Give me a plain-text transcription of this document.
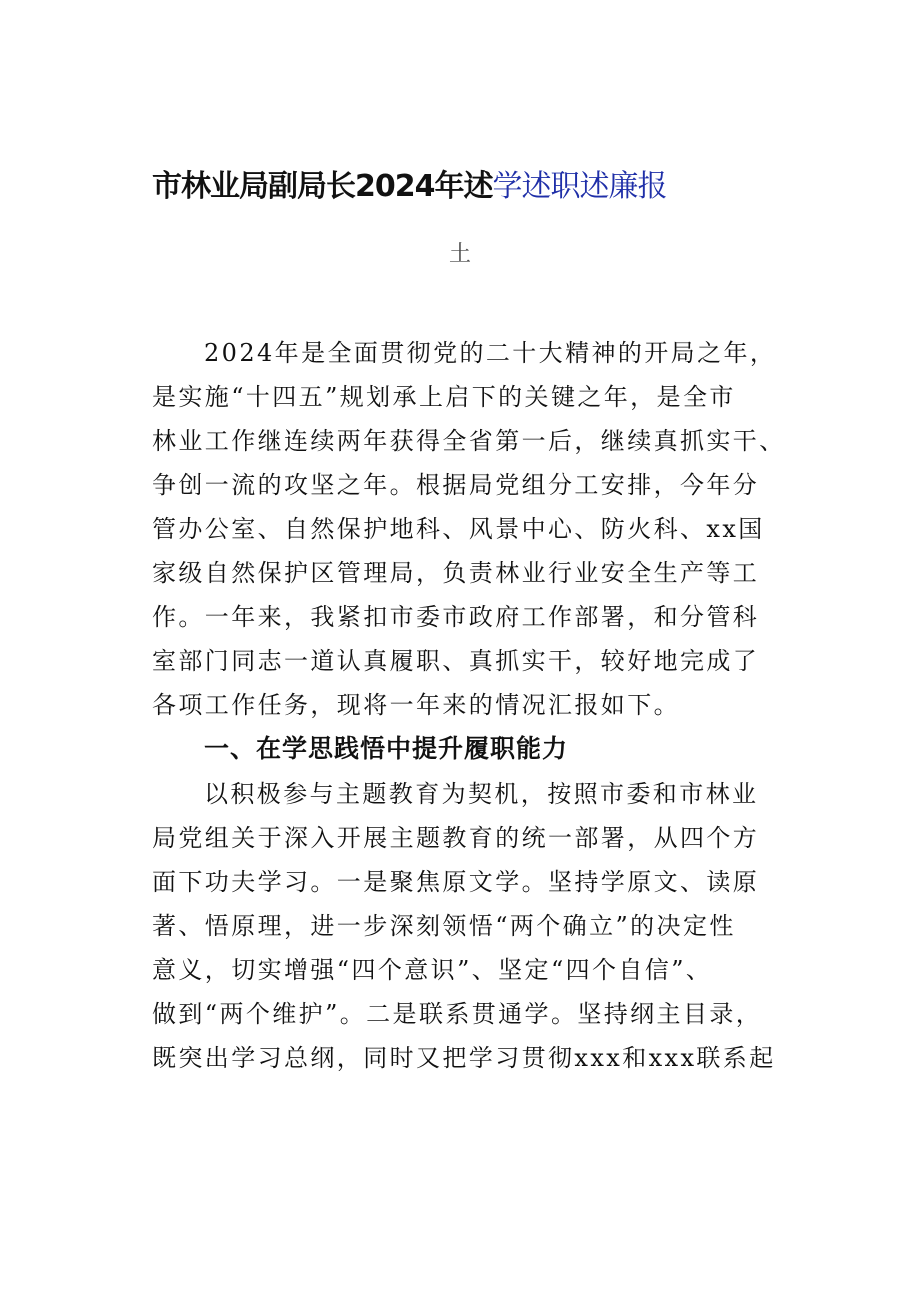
市林业局副局长2024年述学述职述廉报
土
2024年是全面贯彻党的二十大精神的开局之年，
是实施“十四五”规划承上启下的关键之年，是全市
林业工作继连续两年获得全省第一后，继续真抓实干、
争创一流的攻坚之年。根据局党组分工安排，今年分
管办公室、自然保护地科、风景中心、防火科、xx国
家级自然保护区管理局，负责林业行业安全生产等工
作。一年来，我紧扣市委市政府工作部署，和分管科
室部门同志一道认真履职、真抓实干，较好地完成了
各项工作任务，现将一年来的情况汇报如下。
一、在学思践悟中提升履职能力
以积极参与主题教育为契机，按照市委和市林业
局党组关于深入开展主题教育的统一部署，从四个方
面下功夫学习。一是聚焦原文学。坚持学原文、读原
著、悟原理，进一步深刻领悟“两个确立”的决定性
意义，切实增强“四个意识”、坚定“四个自信”、
做到“两个维护”。二是联系贯通学。坚持纲主目录，
既突出学习总纲，同时又把学习贯彻xxx和xxx联系起
